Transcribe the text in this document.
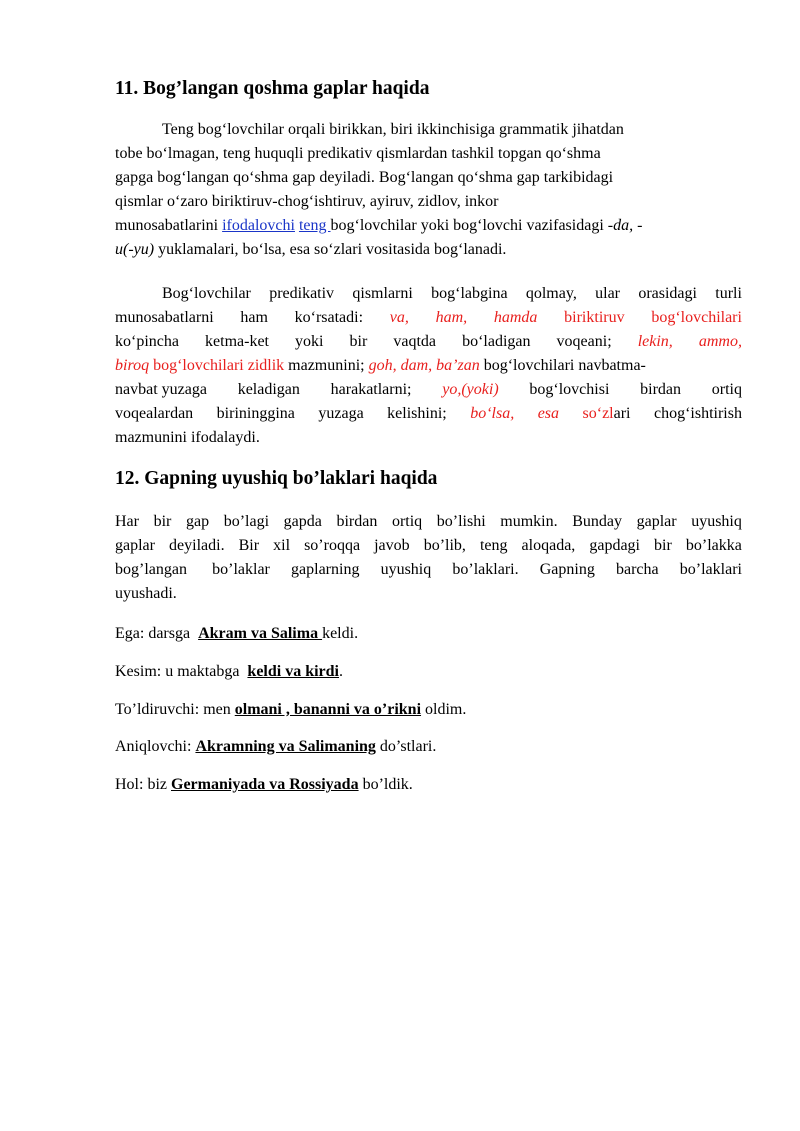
11. Bog’langan qoshma gaplar haqida
Teng bog‘lovchilar orqali birikkan, biri ikkinchisiga grammatik jihatdan
tobe bo‘lmagan, teng huquqli predikativ qismlardan tashkil topgan qo‘shma
gapga bog‘langan qo‘shma gap deyiladi. Bog‘langan qo‘shma gap tarkibidagi
qismlar o‘zaro biriktiruv-chog‘ishtiruv, ayiruv, zidlov, inkor
munosabatlarini ifodalovchi teng bog‘lovchilar yoki bog‘lovchi vazifasidagi -da, -
u(-yu) yuklamalari, bo‘lsa, esa so‘zlari vositasida bog‘lanadi.
Bog‘lovchilar predikativ qismlarni bog‘labgina qolmay, ular orasidagi turli
munosabatlarni ham ko‘rsatadi: va, ham, hamda biriktiruv bog‘lovchilari
ko‘pincha ketma-ket yoki bir vaqtda bo‘ladigan voqeani; lekin, ammo,
biroq bog‘lovchilari zidlik mazmunini; goh, dam, ba’zan bog‘lovchilari navbatma-
navbat yuzaga keladigan harakatlarni; yo,(yoki) bog‘lovchisi birdan ortiq
voqealardan birininggina yuzaga kelishini; bo‘lsa, esa so‘zlari chog‘ishtirish
mazmunini ifodalaydi.
12. Gapning uyushiq bo’laklari haqida
Har bir gap bo’lagi gapda birdan ortiq bo’lishi mumkin. Bunday gaplar uyushiq
gaplar deyiladi. Bir xil so’roqqa javob bo’lib, teng aloqada, gapdagi bir bo’lakka
bog’langan bo’laklar gaplarning uyushiq bo’laklari. Gapning barcha bo’laklari
uyushadi.
Ega: darsga  Akram va Salima keldi.
Kesim: u maktabga  keldi va kirdi.
To’ldiruvchi: men olmani , bananni va o’rikni oldim.
Aniqlovchi: Akramning va Salimaning do’stlari.
Hol: biz Germaniyada va Rossiyada bo’ldik.
